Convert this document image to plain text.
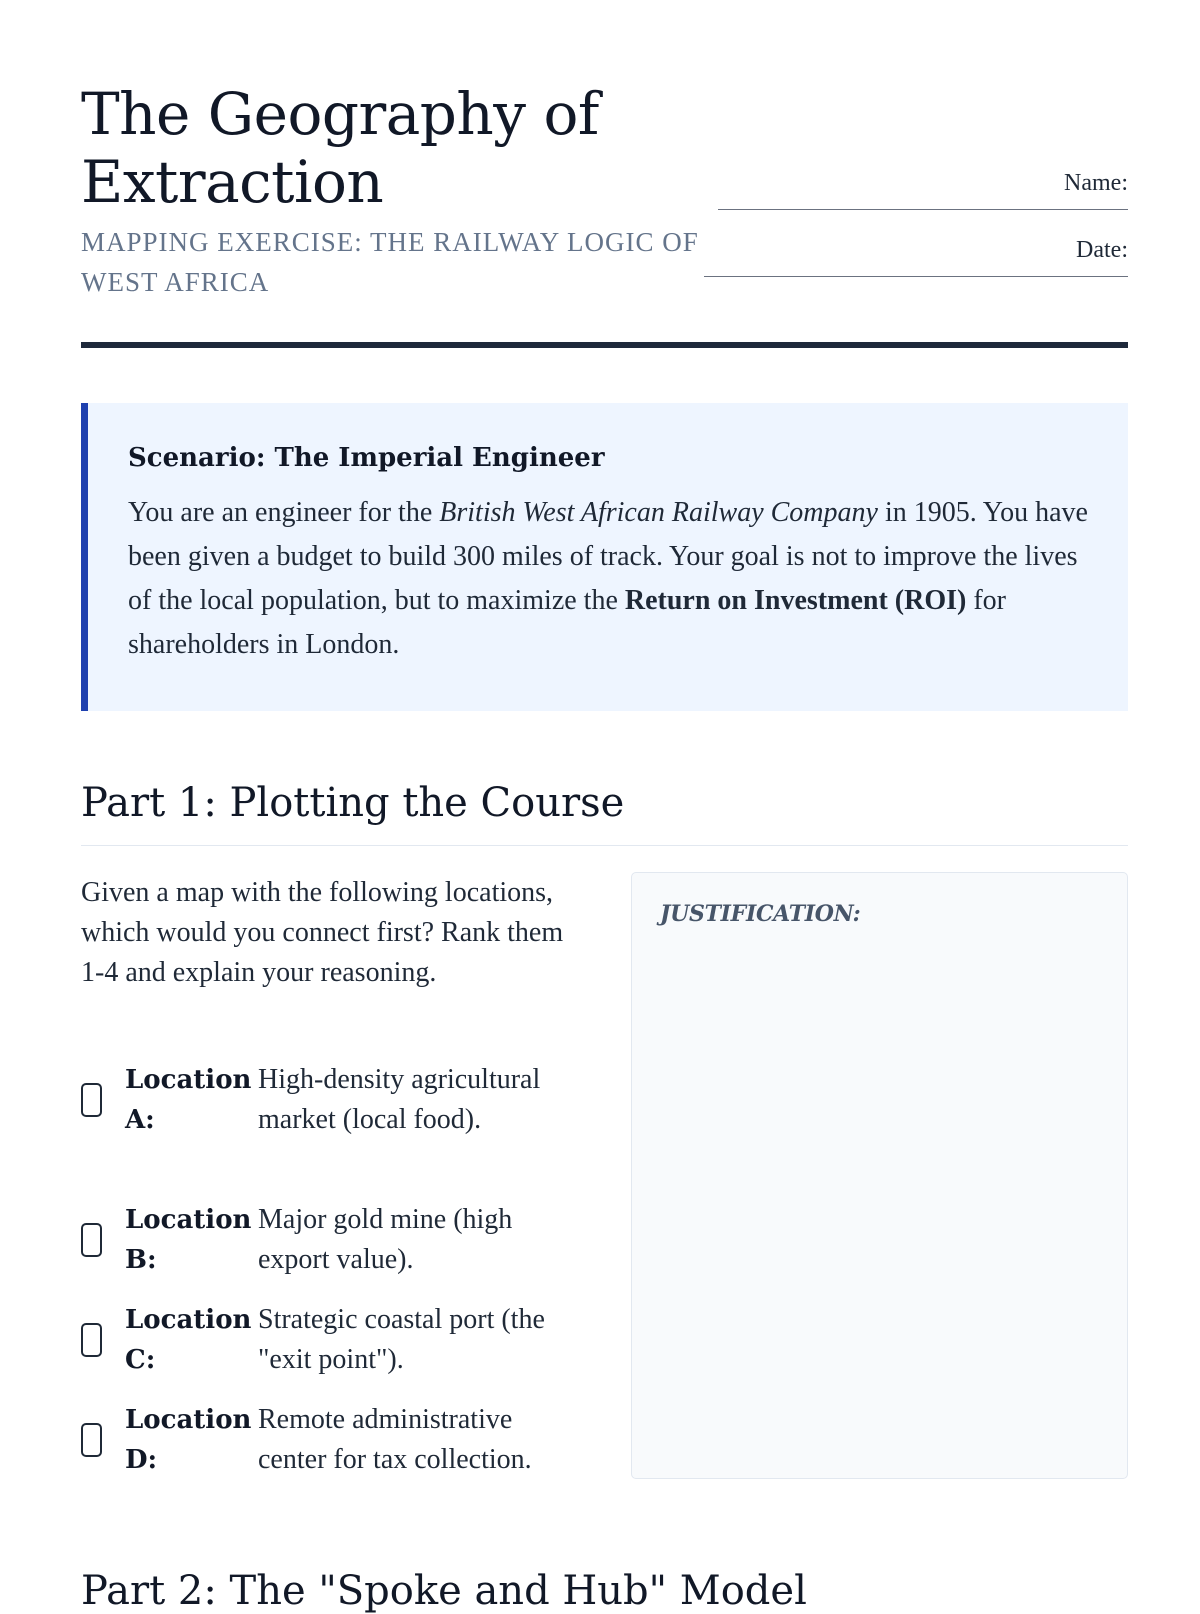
The Geography of Extraction
MAPPING EXERCISE: THE RAILWAY LOGIC OF WEST AFRICA
Name:
Date:

Scenario: The Imperial Engineer

You are an engineer for the British West African Railway Company in 1905. You have been given a budget to build 300 miles of track. Your goal is not to improve the lives of the local population, but to maximize the Return on Investment (ROI) for shareholders in London.

Part 1: Plotting the Course

Given a map with the following locations, which would you connect first? Rank them 1-4 and explain your reasoning.

Location A:
High-density agricultural market (local food).
Location B:
Major gold mine (high export value).
Location C:
Strategic coastal port (the "exit point").
Location D:
Remote administrative center for tax collection.
JUSTIFICATION:
Part 2: The "Spoke and Hub" Model
